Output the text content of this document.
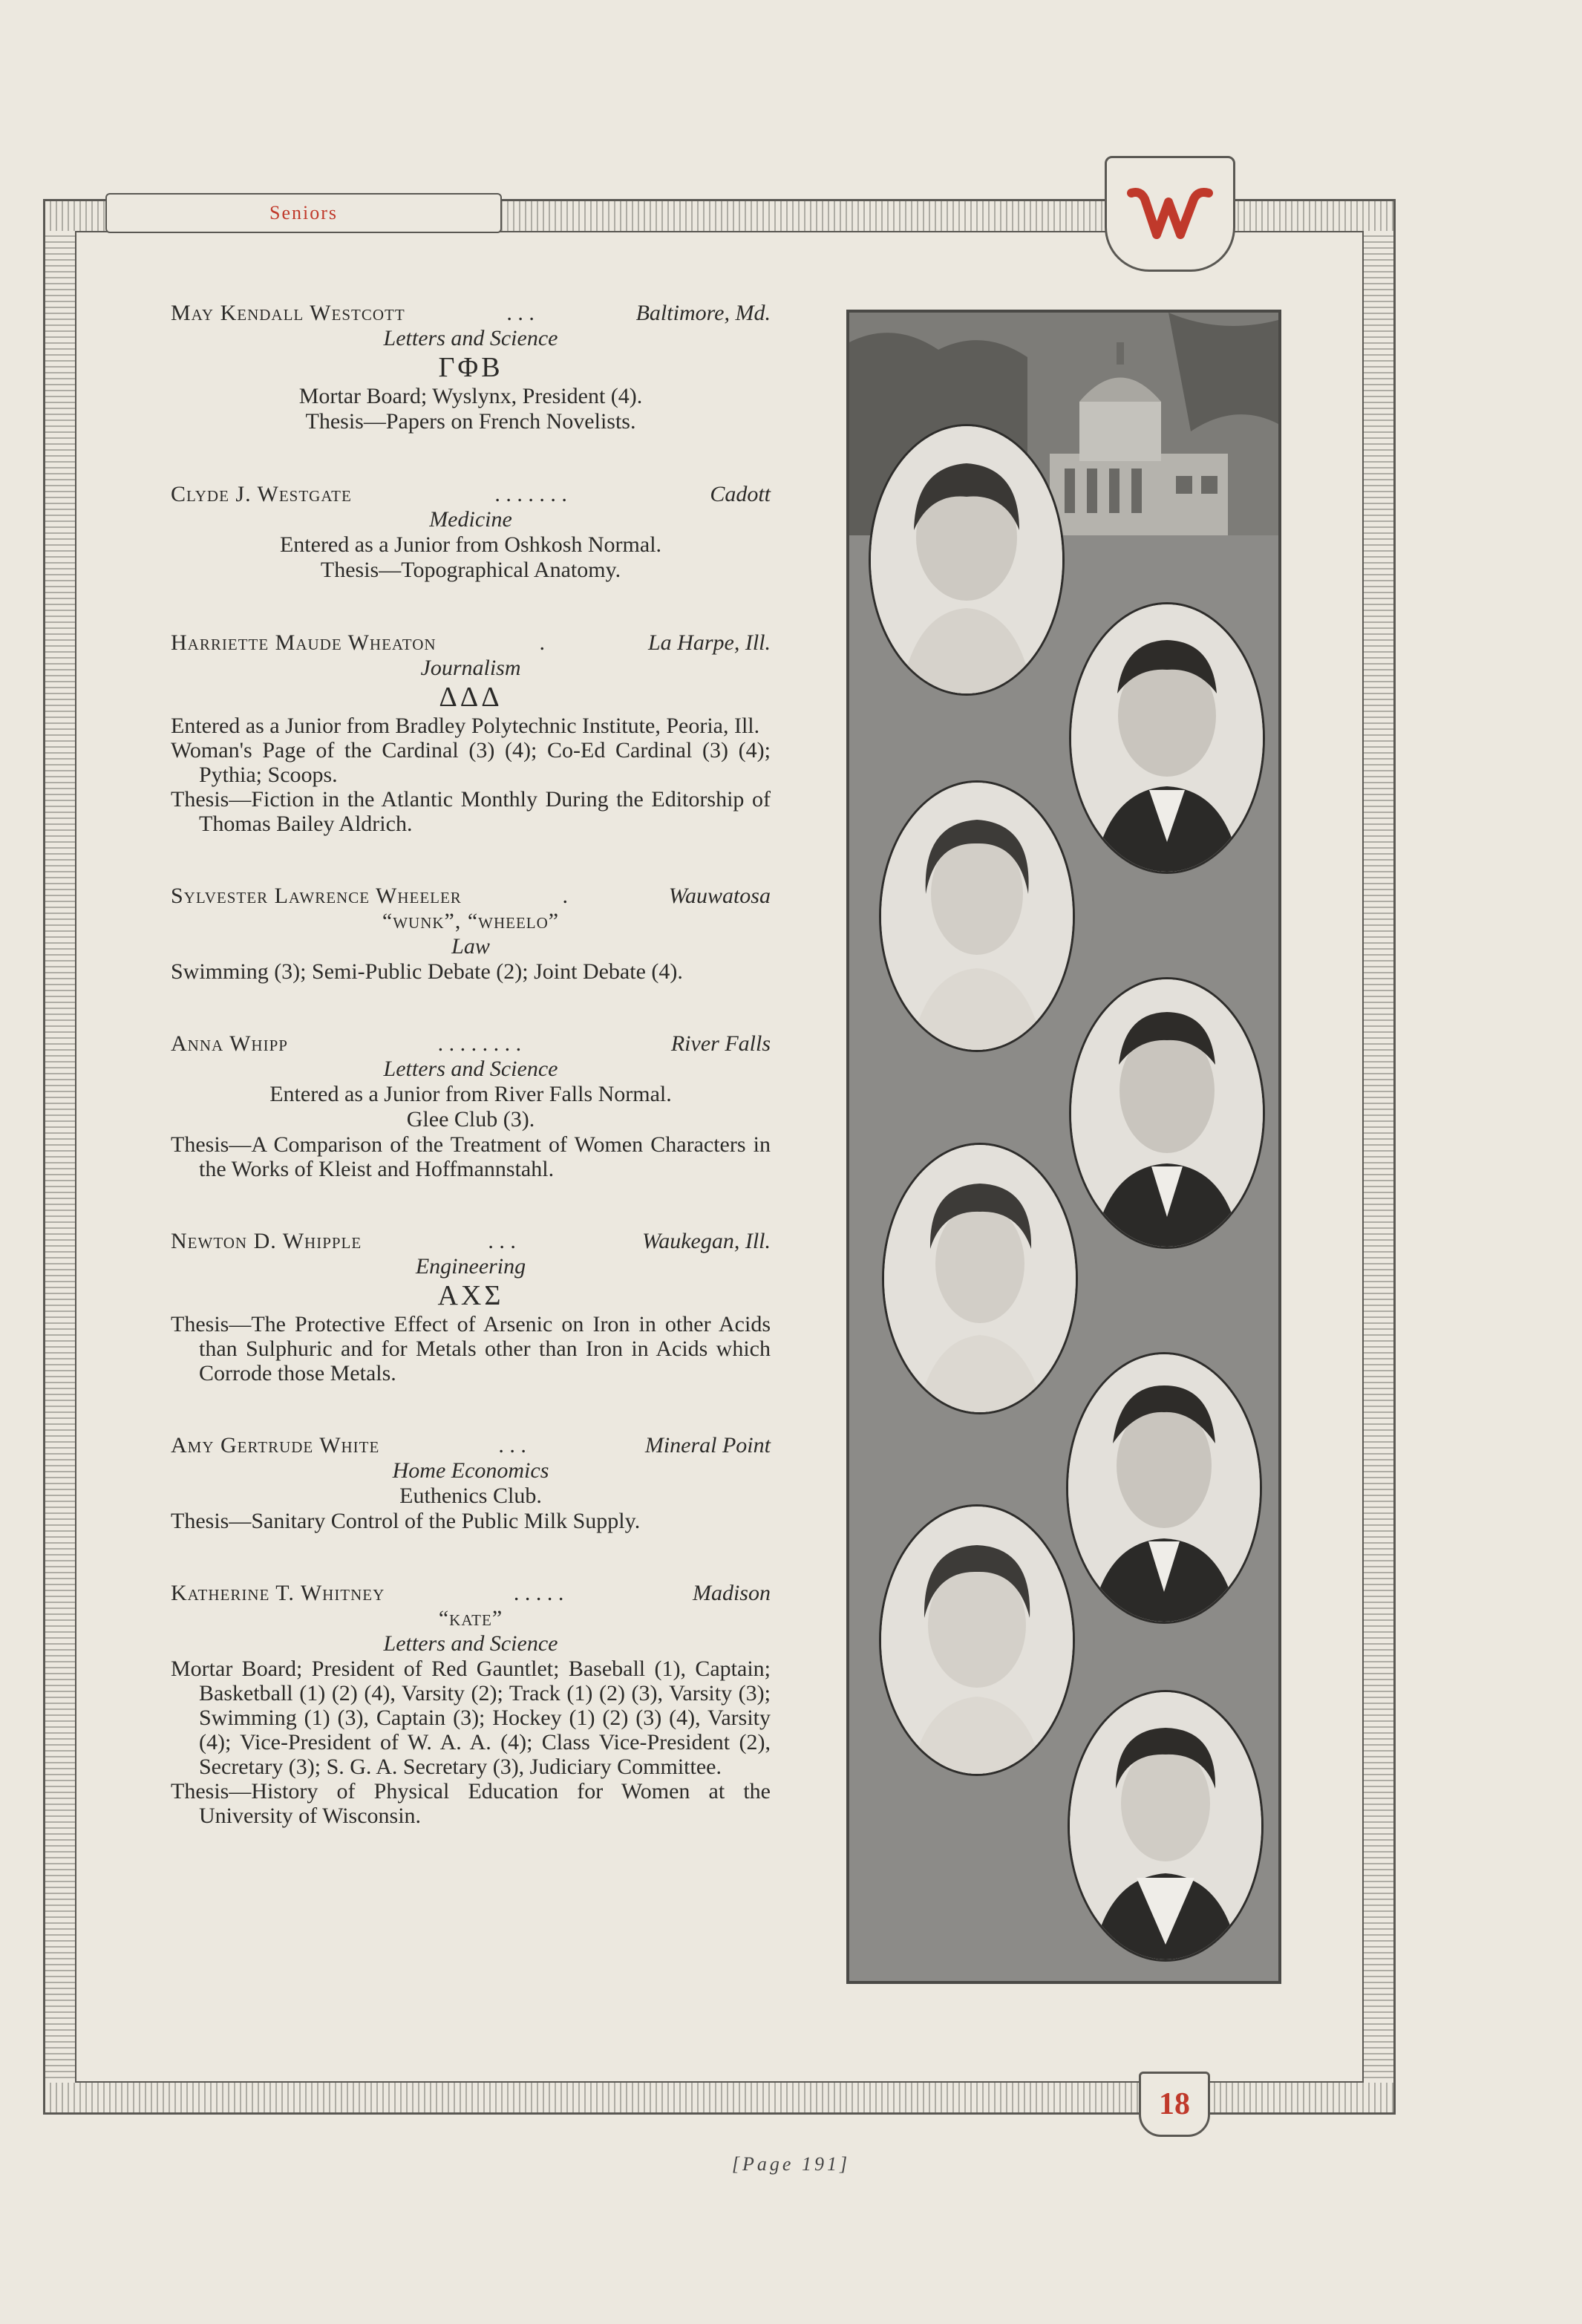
Seniors
May Kendall Westcott	. . .	Baltimore, Md.
Letters and Science
ΓΦΒ
Mortar Board; Wyslynx, President (4).
Thesis—Papers on French Novelists.
Clyde J. Westgate	. . . . . . .	Cadott
Medicine
Entered as a Junior from Oshkosh Normal.
Thesis—Topographical Anatomy.
Harriette Maude Wheaton	.	La Harpe, Ill.
Journalism
ΔΔΔ
Entered as a Junior from Bradley Polytechnic Institute, Peoria, Ill.
Woman's Page of the Cardinal (3) (4); Co-Ed Cardinal (3) (4); Pythia; Scoops.
Thesis—Fiction in the Atlantic Monthly During the Editorship of Thomas Bailey Aldrich.
Sylvester Lawrence Wheeler	.	Wauwatosa
“wunk”, “wheelo”
Law
Swimming (3); Semi-Public Debate (2); Joint Debate (4).
Anna Whipp	. . . . . . . .	River Falls
Letters and Science
Entered as a Junior from River Falls Normal.
Glee Club (3).
Thesis—A Comparison of the Treatment of Women Characters in the Works of Kleist and Hoffmannstahl.
Newton D. Whipple	. . .	Waukegan, Ill.
Engineering
ΑΧΣ
Thesis—The Protective Effect of Arsenic on Iron in other Acids than Sulphuric and for Metals other than Iron in Acids which Corrode those Metals.
Amy Gertrude White	. . .	Mineral Point
Home Economics
Euthenics Club.
Thesis—Sanitary Control of the Public Milk Supply.
Katherine T. Whitney	. . . . .	Madison
“kate”
Letters and Science
Mortar Board; President of Red Gauntlet; Baseball (1), Captain; Basketball (1) (2) (4), Varsity (2); Track (1) (2) (3), Varsity (3); Swimming (1) (3), Captain (3); Hockey (1) (2) (3) (4), Varsity (4); Vice-President of W. A. A. (4); Class Vice-President (2), Secretary (3); S. G. A. Secretary (3), Judiciary Committee.
Thesis—History of Physical Education for Women at the University of Wisconsin.
18
[Page 191]
